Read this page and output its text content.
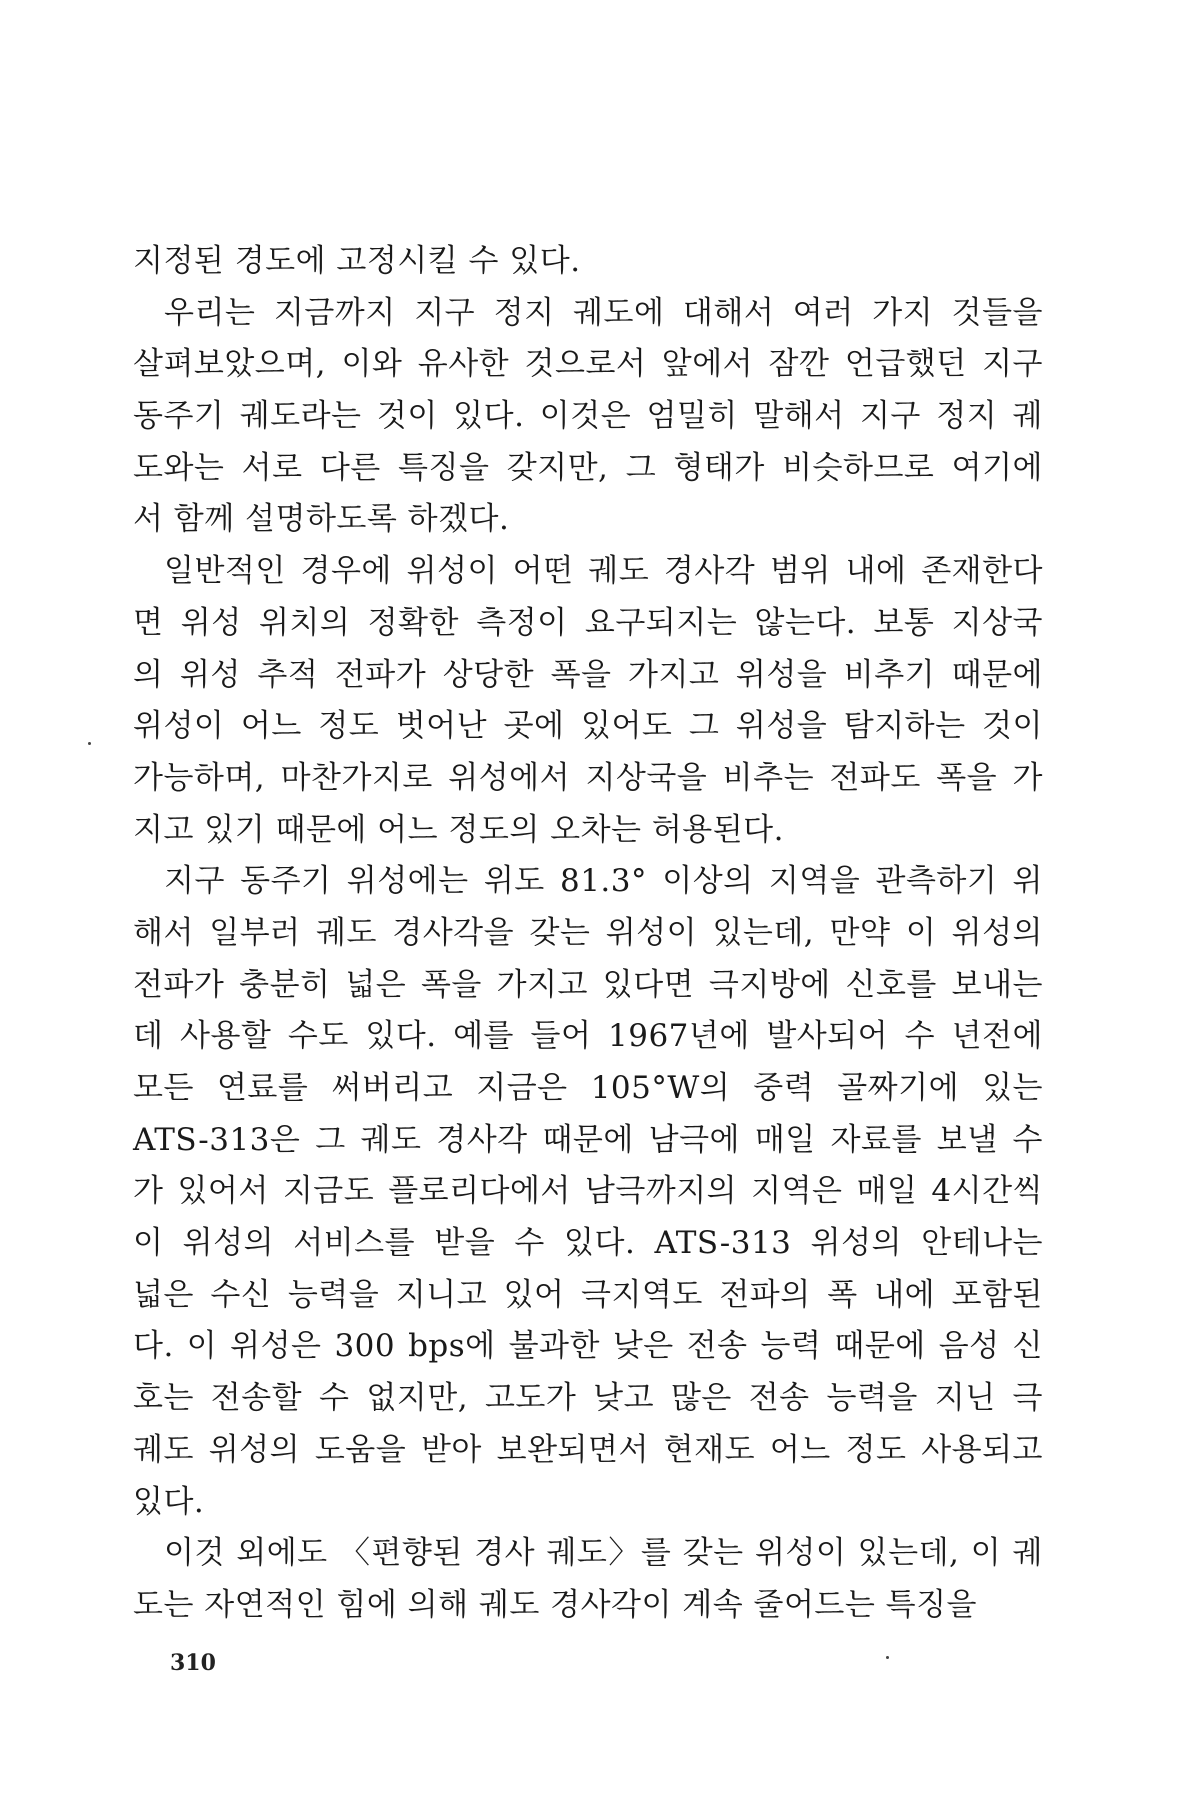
지정된 경도에 고정시킬 수 있다.
우리는 지금까지 지구 정지 궤도에 대해서 여러 가지 것들을
살펴보았으며, 이와 유사한 것으로서 앞에서 잠깐 언급했던 지구
동주기 궤도라는 것이 있다. 이것은 엄밀히 말해서 지구 정지 궤
도와는 서로 다른 특징을 갖지만, 그 형태가 비슷하므로 여기에
서 함께 설명하도록 하겠다.
일반적인 경우에 위성이 어떤 궤도 경사각 범위 내에 존재한다
면 위성 위치의 정확한 측정이 요구되지는 않는다. 보통 지상국
의 위성 추적 전파가 상당한 폭을 가지고 위성을 비추기 때문에
위성이 어느 정도 벗어난 곳에 있어도 그 위성을 탐지하는 것이
가능하며, 마찬가지로 위성에서 지상국을 비추는 전파도 폭을 가
지고 있기 때문에 어느 정도의 오차는 허용된다.
지구 동주기 위성에는 위도 81.3° 이상의 지역을 관측하기 위
해서 일부러 궤도 경사각을 갖는 위성이 있는데, 만약 이 위성의
전파가 충분히 넓은 폭을 가지고 있다면 극지방에 신호를 보내는
데 사용할 수도 있다. 예를 들어 1967년에 발사되어 수 년전에
모든 연료를 써버리고 지금은 105°W의 중력 골짜기에 있는
ATS-313은 그 궤도 경사각 때문에 남극에 매일 자료를 보낼 수
가 있어서 지금도 플로리다에서 남극까지의 지역은 매일 4시간씩
이 위성의 서비스를 받을 수 있다. ATS-313 위성의 안테나는
넓은 수신 능력을 지니고 있어 극지역도 전파의 폭 내에 포함된
다. 이 위성은 300 bps에 불과한 낮은 전송 능력 때문에 음성 신
호는 전송할 수 없지만, 고도가 낮고 많은 전송 능력을 지닌 극
궤도 위성의 도움을 받아 보완되면서 현재도 어느 정도 사용되고
있다.
이것 외에도 〈편향된 경사 궤도〉를 갖는 위성이 있는데, 이 궤
도는 자연적인 힘에 의해 궤도 경사각이 계속 줄어드는 특징을
310
